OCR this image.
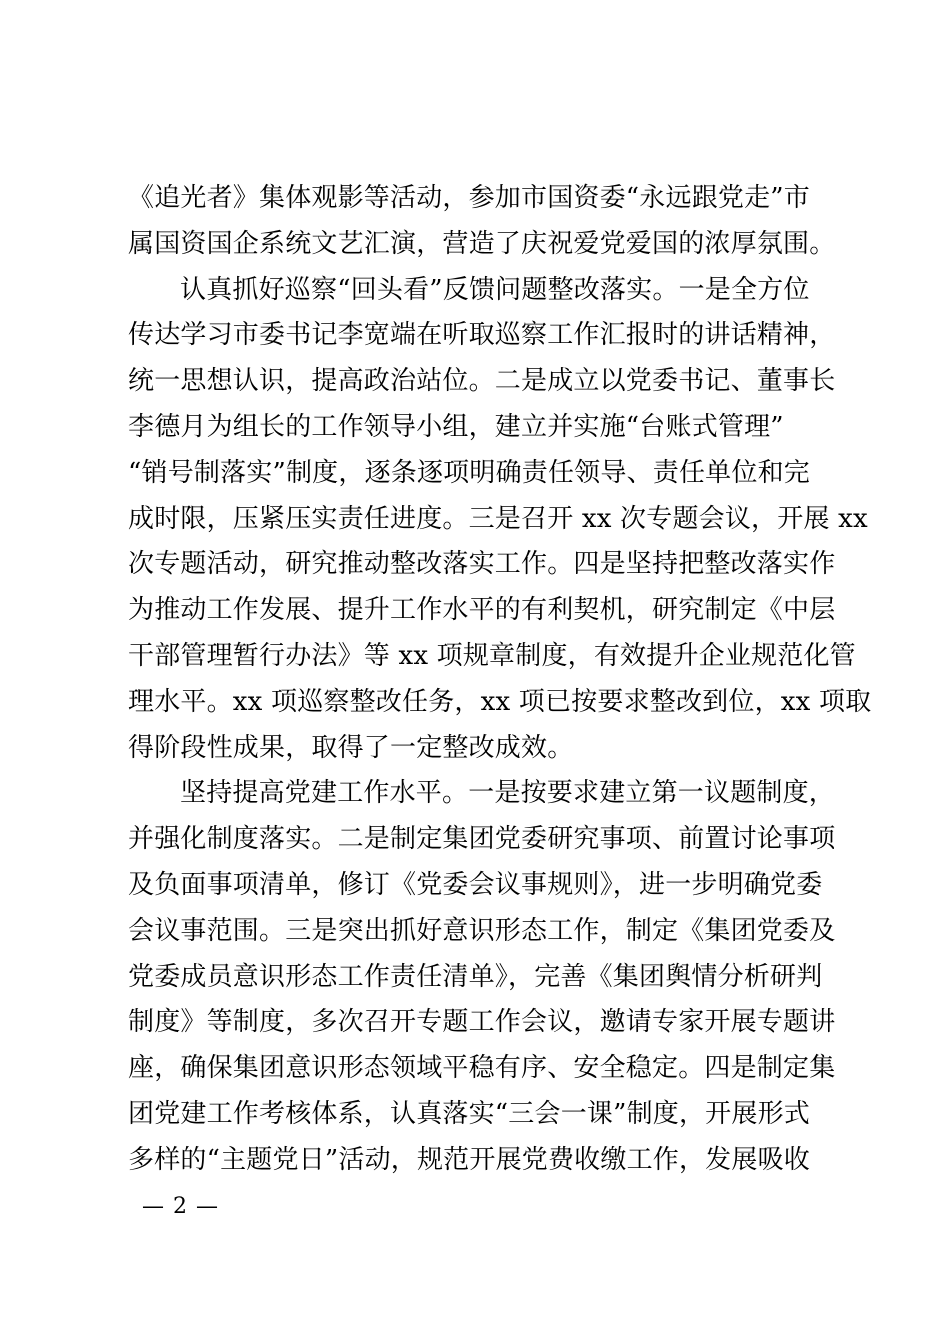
《追光者》集体观影等活动，参加市国资委“永远跟党走”市
属国资国企系统文艺汇演，营造了庆祝爱党爱国的浓厚氛围。
认真抓好巡察“回头看”反馈问题整改落实。一是全方位
传达学习市委书记李宽端在听取巡察工作汇报时的讲话精神，
统一思想认识，提高政治站位。二是成立以党委书记、董事长
李德月为组长的工作领导小组，建立并实施“台账式管理”
“销号制落实”制度，逐条逐项明确责任领导、责任单位和完
成时限，压紧压实责任进度。三是召开 xx 次专题会议，开展 xx
次专题活动，研究推动整改落实工作。四是坚持把整改落实作
为推动工作发展、提升工作水平的有利契机，研究制定《中层
干部管理暂行办法》等 xx 项规章制度，有效提升企业规范化管
理水平。xx 项巡察整改任务，xx 项已按要求整改到位，xx 项取
得阶段性成果，取得了一定整改成效。
坚持提高党建工作水平。一是按要求建立第一议题制度，
并强化制度落实。二是制定集团党委研究事项、前置讨论事项
及负面事项清单，修订《党委会议事规则》，进一步明确党委
会议事范围。三是突出抓好意识形态工作，制定《集团党委及
党委成员意识形态工作责任清单》，完善《集团舆情分析研判
制度》等制度，多次召开专题工作会议，邀请专家开展专题讲
座，确保集团意识形态领域平稳有序、安全稳定。四是制定集
团党建工作考核体系，认真落实“三会一课”制度，开展形式
多样的“主题党日”活动，规范开展党费收缴工作，发展吸收
— 2 —
